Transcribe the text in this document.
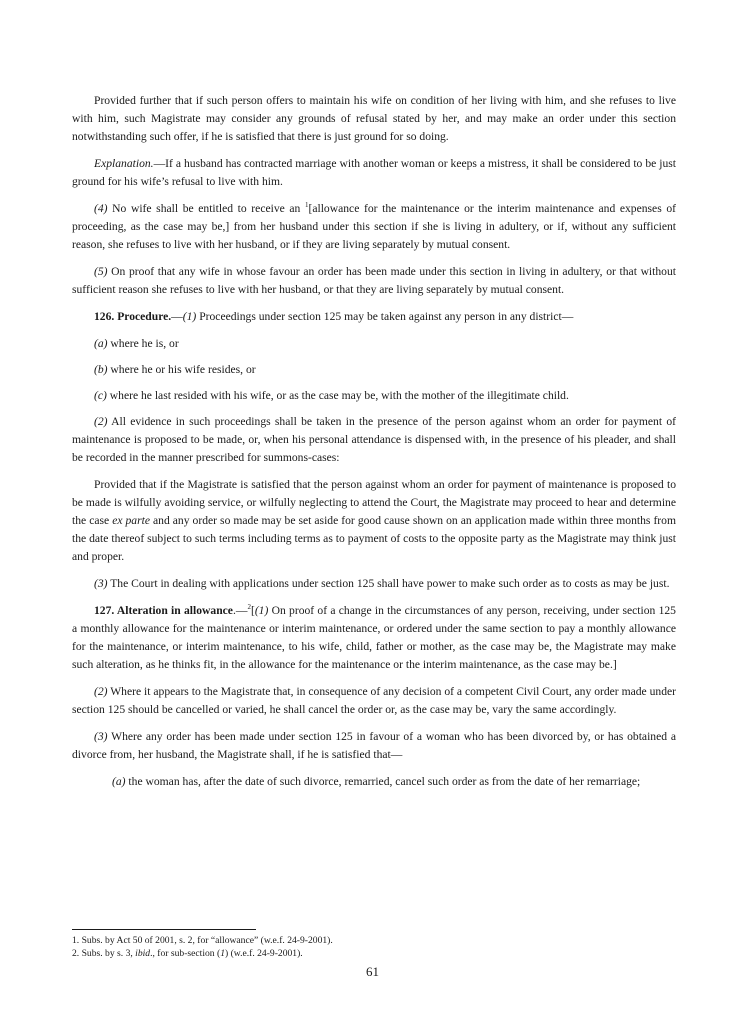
Provided further that if such person offers to maintain his wife on condition of her living with him, and she refuses to live with him, such Magistrate may consider any grounds of refusal stated by her, and may make an order under this section notwithstanding such offer, if he is satisfied that there is just ground for so doing.

Explanation.—If a husband has contracted marriage with another woman or keeps a mistress, it shall be considered to be just ground for his wife’s refusal to live with him.

(4) No wife shall be entitled to receive an $^1$[allowance for the maintenance or the interim maintenance and expenses of proceeding, as the case may be,] from her husband under this section if she is living in adultery, or if, without any sufficient reason, she refuses to live with her husband, or if they are living separately by mutual consent.

(5) On proof that any wife in whose favour an order has been made under this section in living in adultery, or that without sufficient reason she refuses to live with her husband, or that they are living separately by mutual consent.

126. Procedure.—(1) Proceedings under section 125 may be taken against any person in any district—

(a) where he is, or

(b) where he or his wife resides, or

(c) where he last resided with his wife, or as the case may be, with the mother of the illegitimate child.

(2) All evidence in such proceedings shall be taken in the presence of the person against whom an order for payment of maintenance is proposed to be made, or, when his personal attendance is dispensed with, in the presence of his pleader, and shall be recorded in the manner prescribed for summons-cases:

Provided that if the Magistrate is satisfied that the person against whom an order for payment of maintenance is proposed to be made is wilfully avoiding service, or wilfully neglecting to attend the Court, the Magistrate may proceed to hear and determine the case ex parte and any order so made may be set aside for good cause shown on an application made within three months from the date thereof subject to such terms including terms as to payment of costs to the opposite party as the Magistrate may think just and proper.

(3) The Court in dealing with applications under section 125 shall have power to make such order as to costs as may be just.

127. Alteration in allowance.—$^2$[(1) On proof of a change in the circumstances of any person, receiving, under section 125 a monthly allowance for the maintenance or interim maintenance, or ordered under the same section to pay a monthly allowance for the maintenance, or interim maintenance, to his wife, child, father or mother, as the case may be, the Magistrate may make such alteration, as he thinks fit, in the allowance for the maintenance or the interim maintenance, as the case may be.]

(2) Where it appears to the Magistrate that, in consequence of any decision of a competent Civil Court, any order made under section 125 should be cancelled or varied, he shall cancel the order or, as the case may be, vary the same accordingly.

(3) Where any order has been made under section 125 in favour of a woman who has been divorced by, or has obtained a divorce from, her husband, the Magistrate shall, if he is satisfied that—

(a) the woman has, after the date of such divorce, remarried, cancel such order as from the date of her remarriage;

1. Subs. by Act 50 of 2001, s. 2, for “allowance” (w.e.f. 24-9-2001).
2. Subs. by s. 3, ibid., for sub-section (1) (w.e.f. 24-9-2001).
61
